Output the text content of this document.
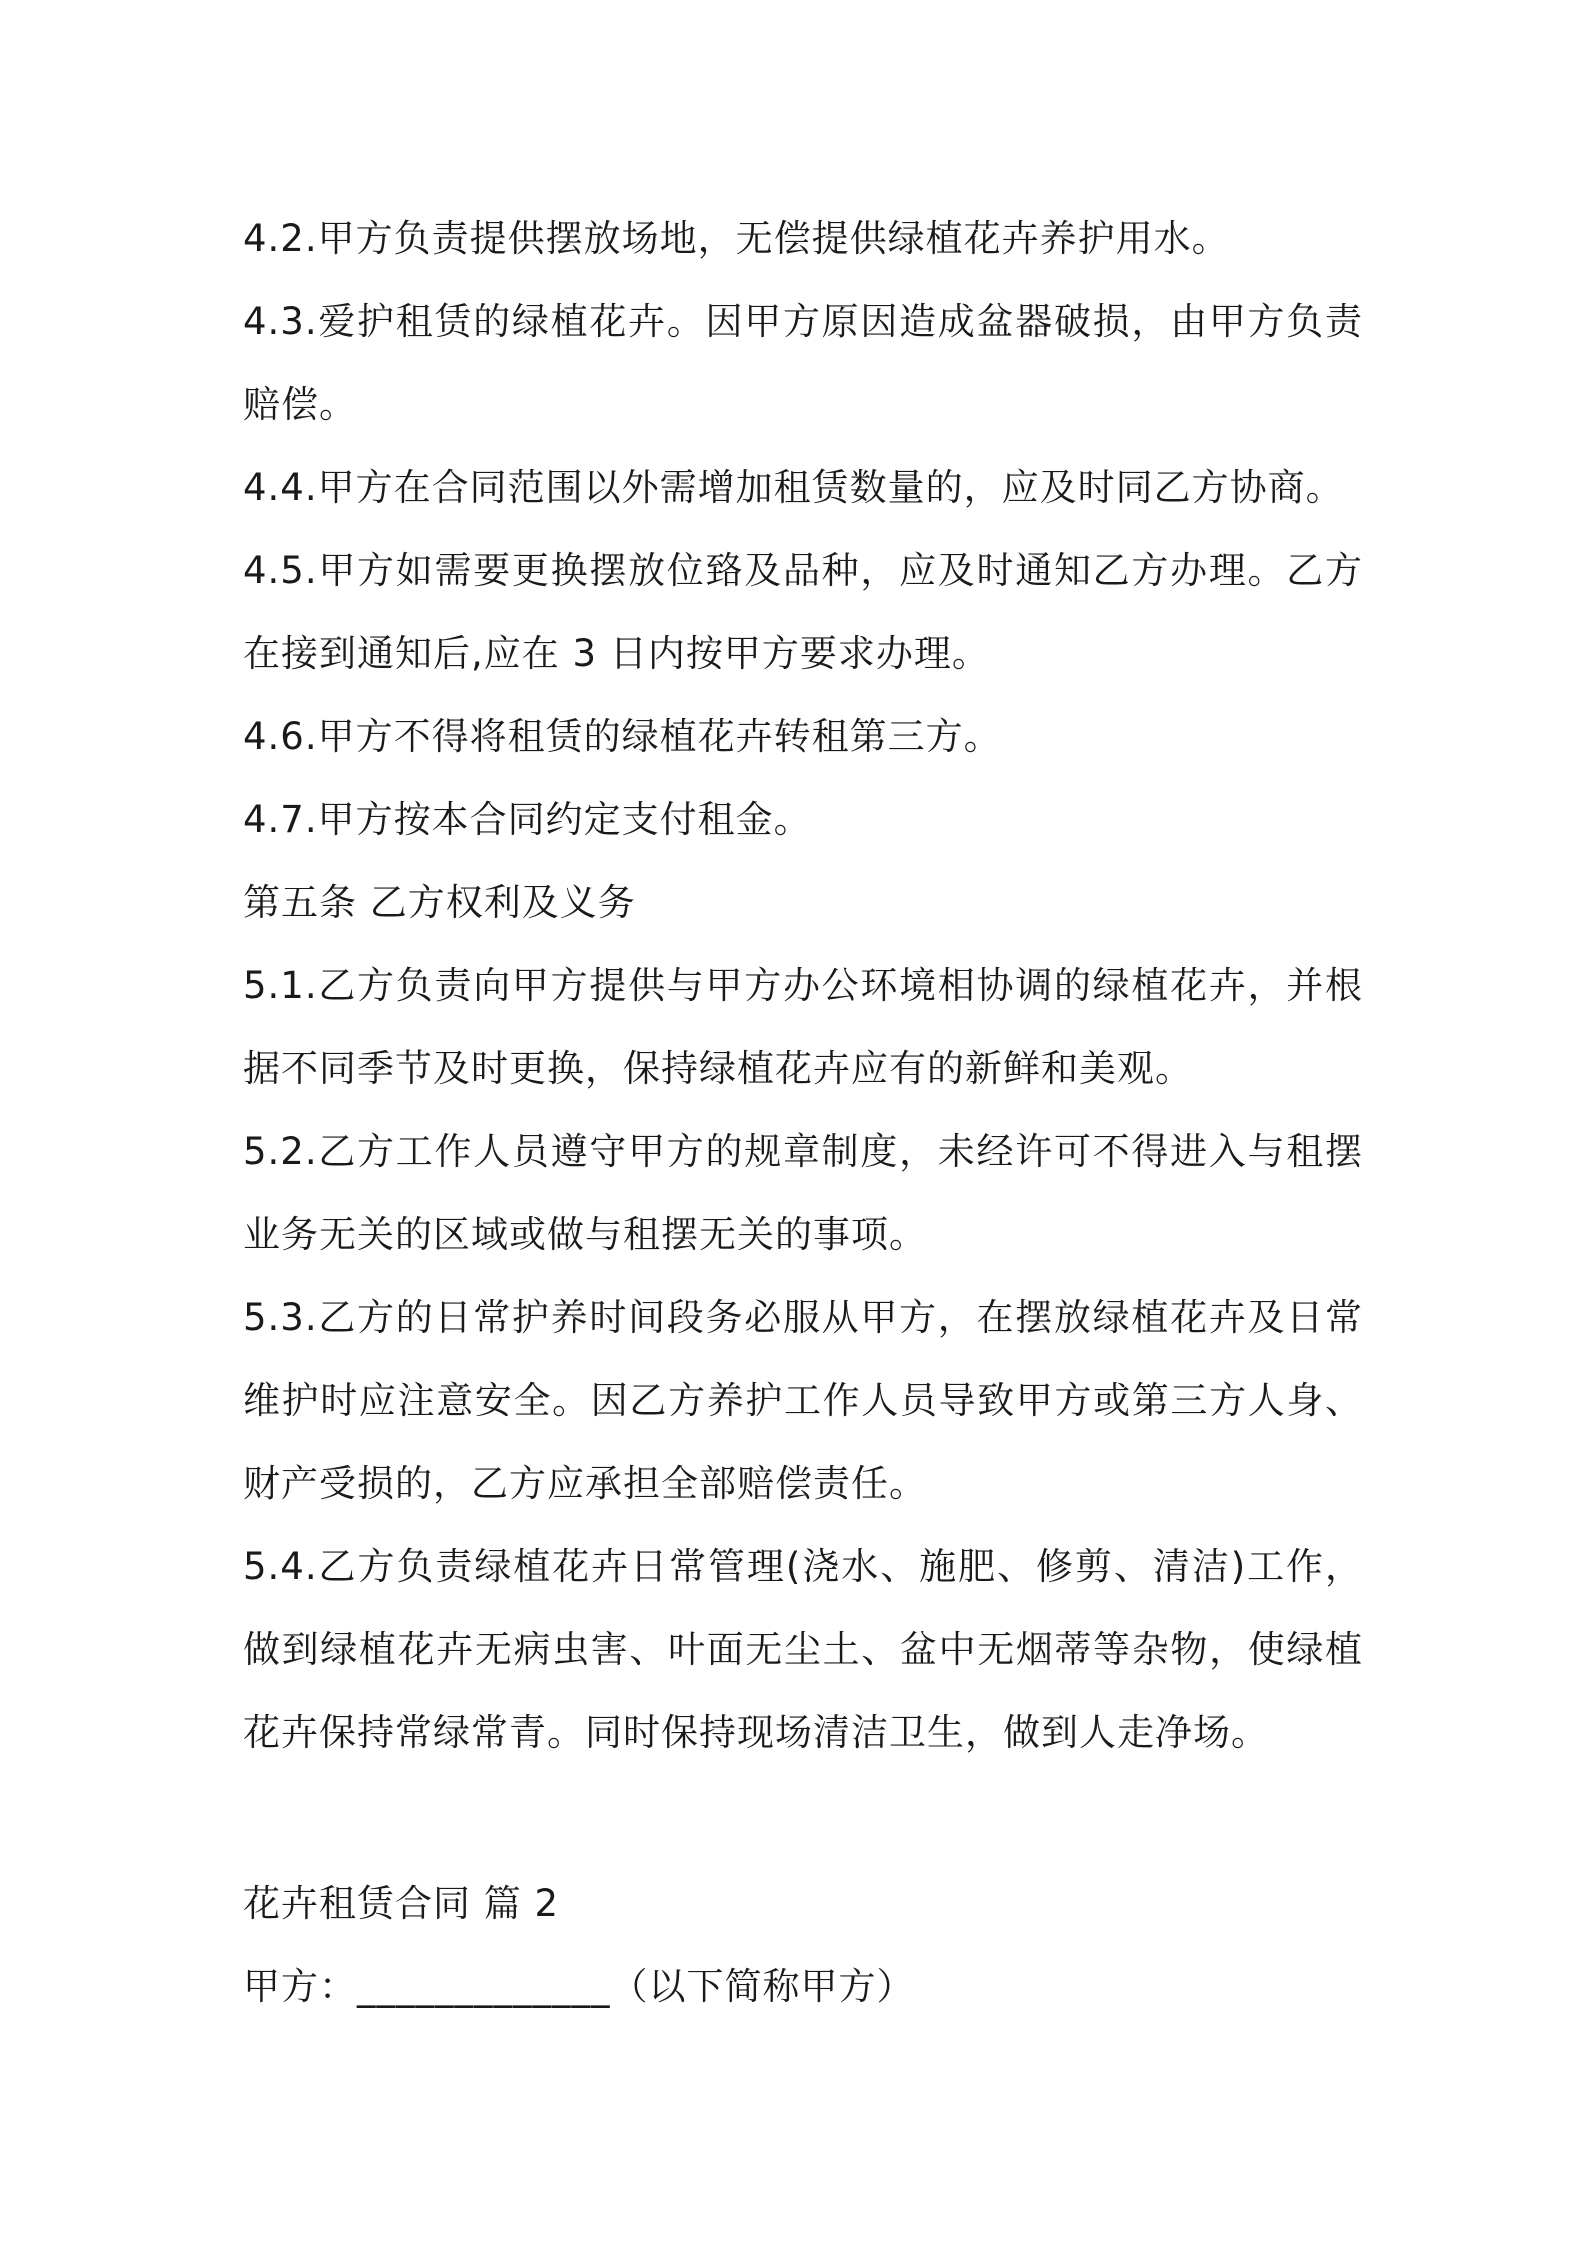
4.2.甲方负责提供摆放场地，无偿提供绿植花卉养护用水。

4.3.爱护租赁的绿植花卉。因甲方原因造成盆器破损，由甲方负责赔偿。

4.4.甲方在合同范围以外需增加租赁数量的，应及时同乙方协商。

4.5.甲方如需要更换摆放位臵及品种，应及时通知乙方办理。乙方在接到通知后,应在 3 日内按甲方要求办理。

4.6.甲方不得将租赁的绿植花卉转租第三方。

4.7.甲方按本合同约定支付租金。

第五条 乙方权利及义务

5.1.乙方负责向甲方提供与甲方办公环境相协调的绿植花卉，并根据不同季节及时更换，保持绿植花卉应有的新鲜和美观。

5.2.乙方工作人员遵守甲方的规章制度，未经许可不得进入与租摆业务无关的区域或做与租摆无关的事项。

5.3.乙方的日常护养时间段务必服从甲方，在摆放绿植花卉及日常维护时应注意安全。因乙方养护工作人员导致甲方或第三方人身、财产受损的，乙方应承担全部赔偿责任。

5.4.乙方负责绿植花卉日常管理(浇水、施肥、修剪、清洁)工作，做到绿植花卉无病虫害、叶面无尘土、盆中无烟蒂等杂物，使绿植花卉保持常绿常青。同时保持现场清洁卫生，做到人走净场。

花卉租赁合同 篇 2

甲方：_____________（以下简称甲方）
